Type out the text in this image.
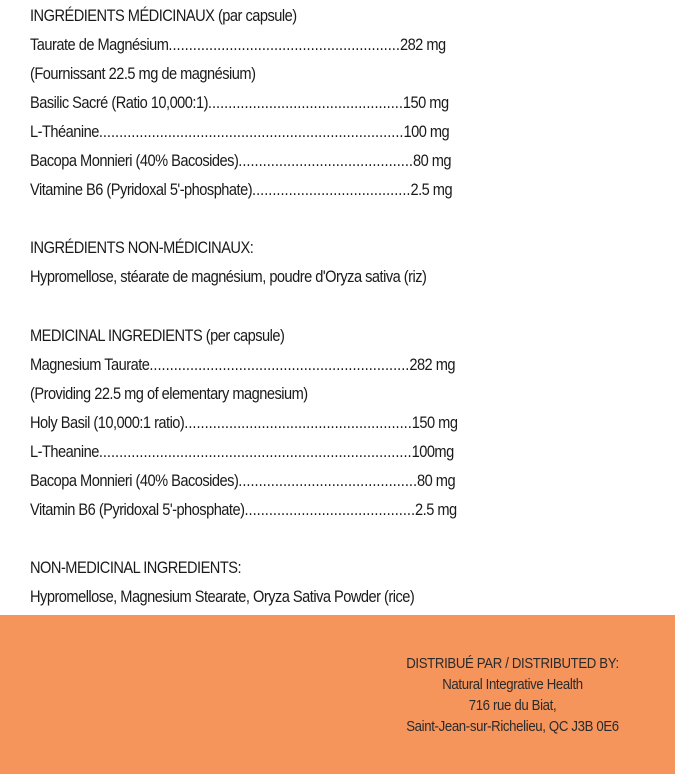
INGRÉDIENTS MÉDICINAUX (par capsule)
Taurate de Magnésium ......................................................... 282 mg
(Fournissant 22.5 mg de magnésium)
Basilic Sacré (Ratio 10,000:1) ................................................ 150 mg
L-Théanine ........................................................................... 100 mg
Bacopa Monnieri (40% Bacosides) ........................................... 80 mg
Vitamine B6 (Pyridoxal 5'-phosphate) ....................................... 2.5 mg
INGRÉDIENTS NON-MÉDICINAUX:
Hypromellose, stéarate de magnésium, poudre d'Oryza sativa (riz)
MEDICINAL INGREDIENTS (per capsule)
Magnesium Taurate ................................................................ 282 mg
(Providing 22.5 mg of elementary magnesium)
Holy Basil (10,000:1 ratio) ........................................................ 150 mg
L-Theanine ............................................................................. 100mg
Bacopa Monnieri (40% Bacosides) ............................................ 80 mg
Vitamin B6 (Pyridoxal 5'-phosphate) .......................................... 2.5 mg
NON-MEDICINAL INGREDIENTS:
Hypromellose, Magnesium Stearate, Oryza Sativa Powder (rice)
DISTRIBUÉ PAR / DISTRIBUTED BY:
Natural Integrative Health
716 rue du Biat,
Saint-Jean-sur-Richelieu, QC J3B 0E6
